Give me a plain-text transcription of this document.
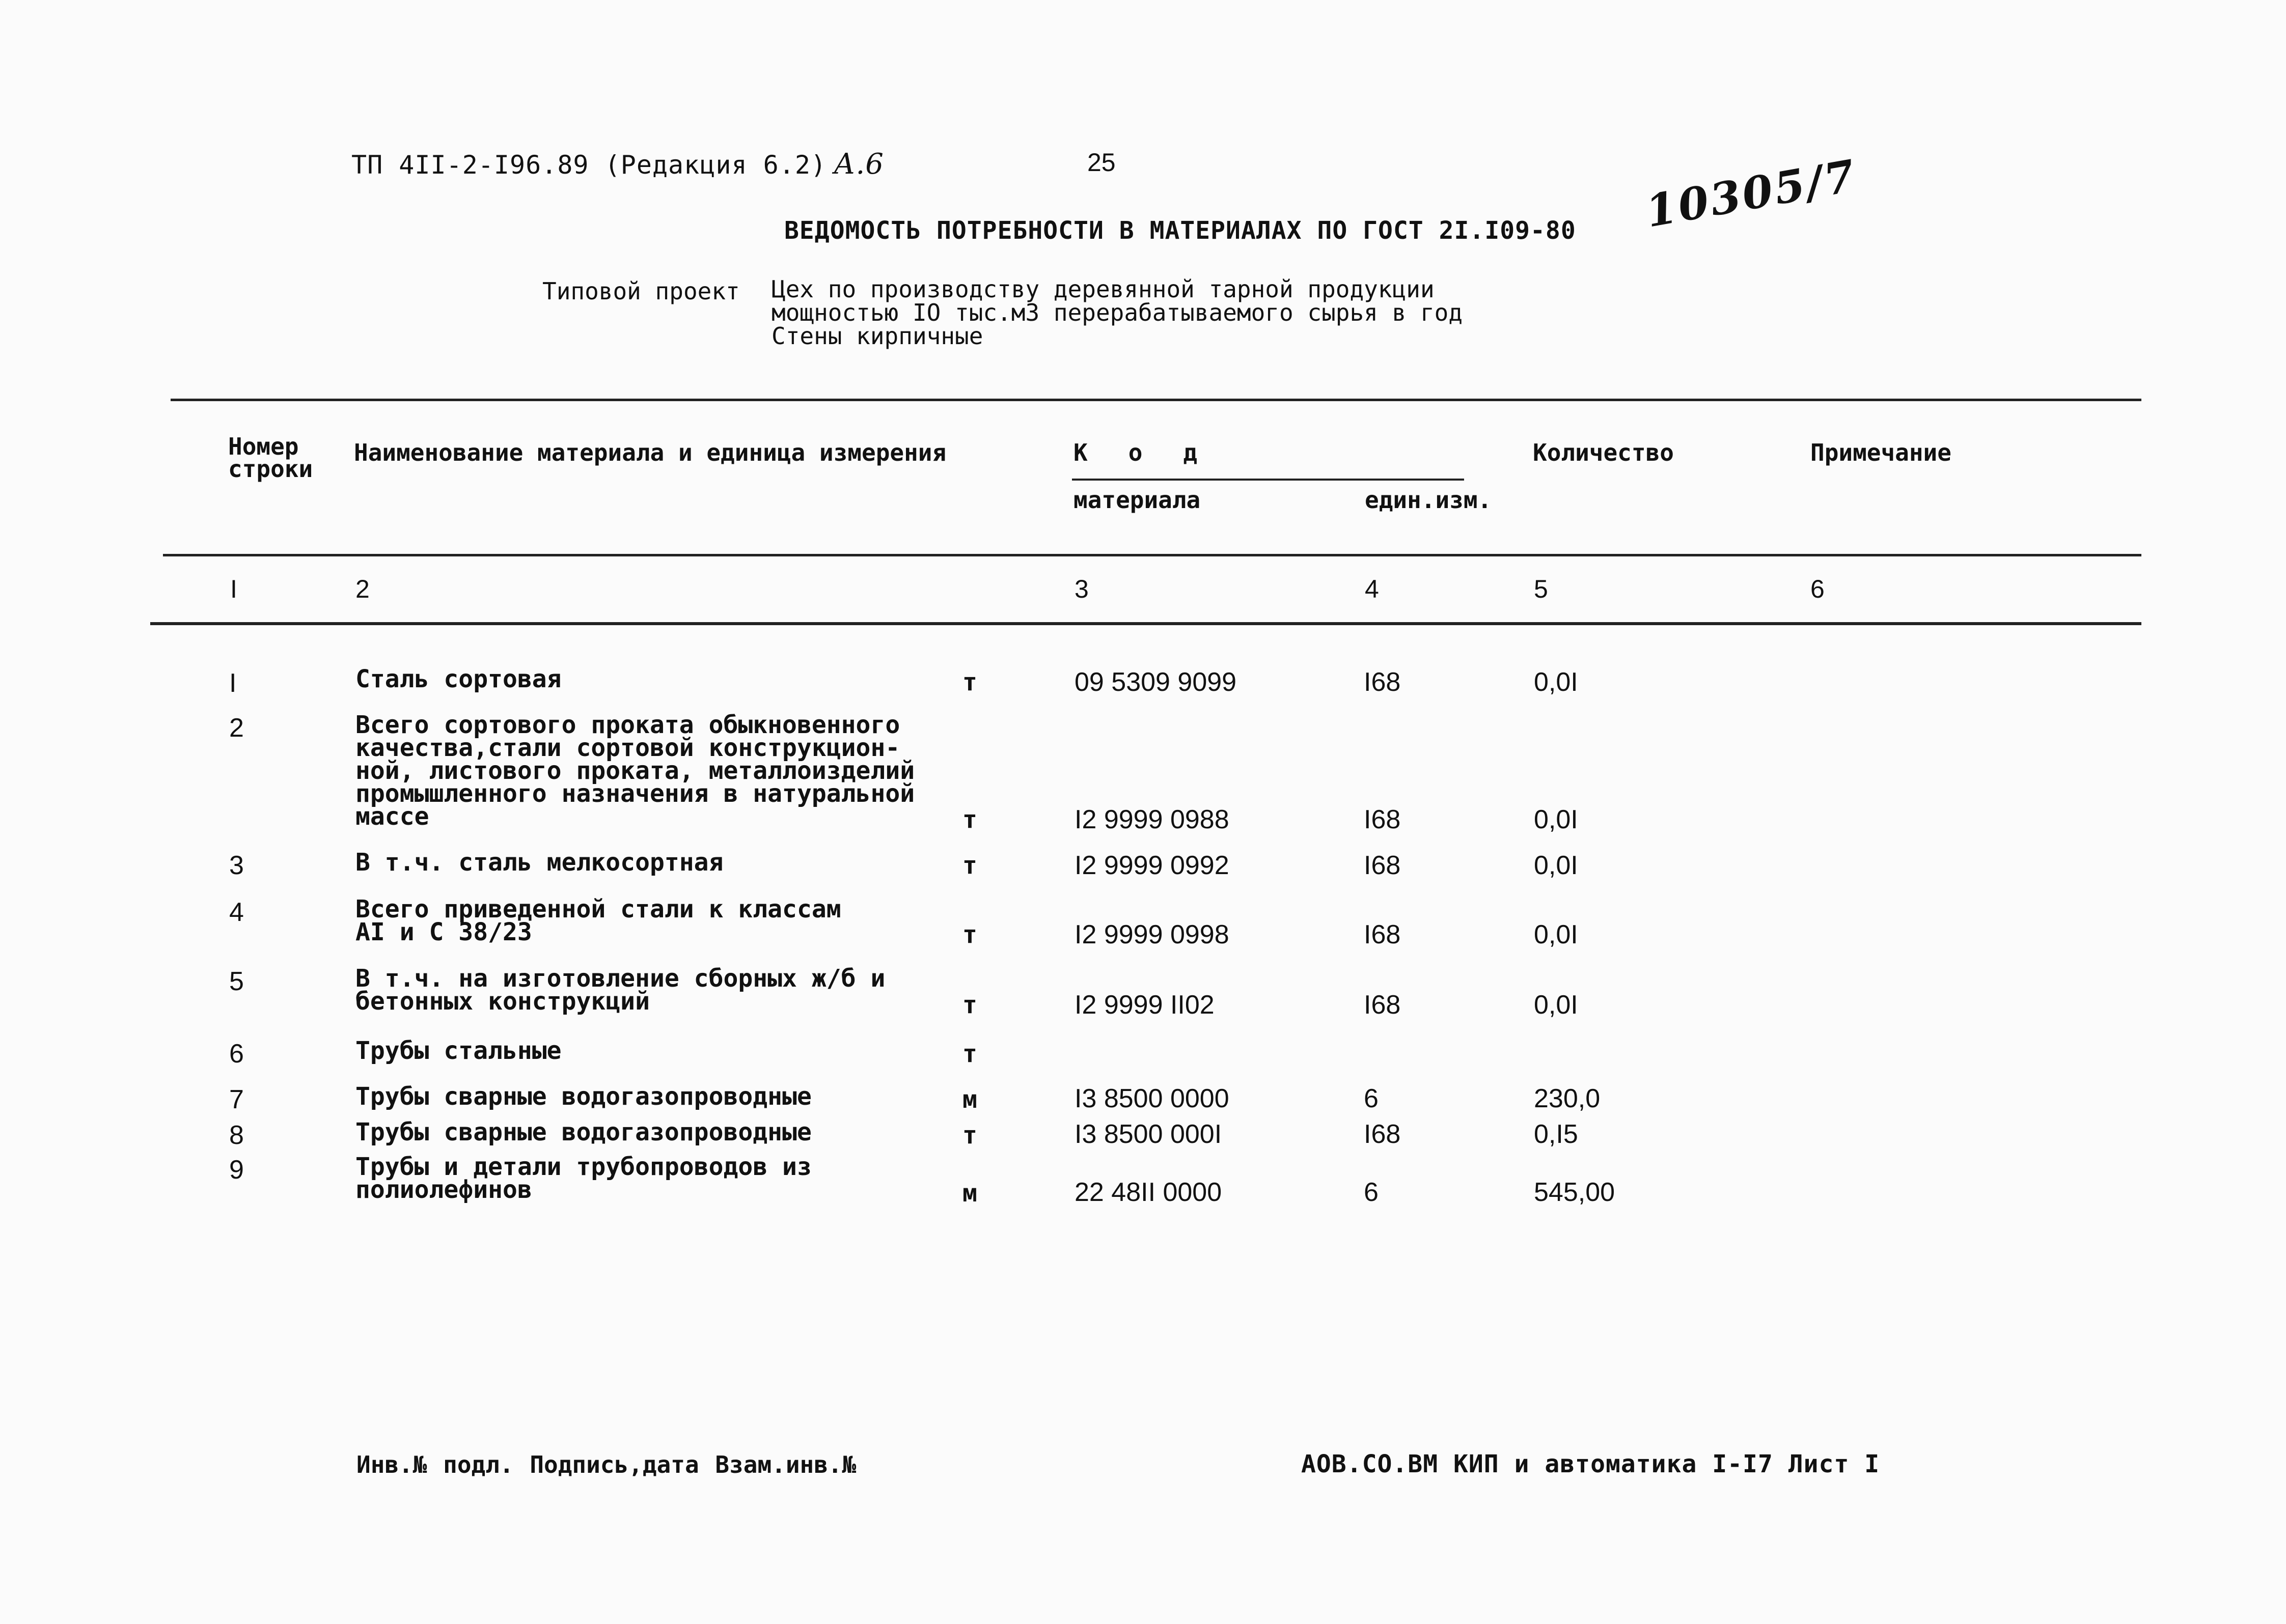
ТП 4II-2-I96.89 (Редакция 6.2) А.6	25	10305/7
ВЕДОМОСТЬ ПОТРЕБНОСТИ В МАТЕРИАЛАХ ПО ГОСТ 2I.I09-80
Типовой проект Цех по производству деревянной тарной продукции
мощностью IO тыс.м3 перерабатываемого сырья в год
Стены кирпичные
Номер
строки
Наименование материала и единица измерения	Код
материала	един.изм.
Количество	Примечание
I	2	3	4	5	6
I	Сталь сортовая	т	09 5309 9099	I68	0,0I
2	Всего сортового проката обыкновенного
качества,стали сортовой конструкцион-
ной, листового проката, металлоизделий
промышленного назначения в натуральной
массе	т	I2 9999 0988	I68	0,0I
3	В т.ч. сталь мелкосортная	т	I2 9999 0992	I68	0,0I
4	Всего приведенной стали к классам
АI и С 38/23	т	I2 9999 0998	I68	0,0I
5	В т.ч. на изготовление сборных ж/б и
бетонных конструкций	т	I2 9999 II02	I68	0,0I
6	Трубы стальные	т
7	Трубы сварные водогазопроводные	м	I3 8500 0000	6	230,0
8	Трубы сварные водогазопроводные	т	I3 8500 000I	I68	0,I5
9	Трубы и детали трубопроводов из
полиолефинов	м	22 48II 0000	6	545,00
Инв.№ подл. Подпись,дата Взам.инв.№	АОВ.СО.ВМ КИП и автоматика I-I7 Лист I
